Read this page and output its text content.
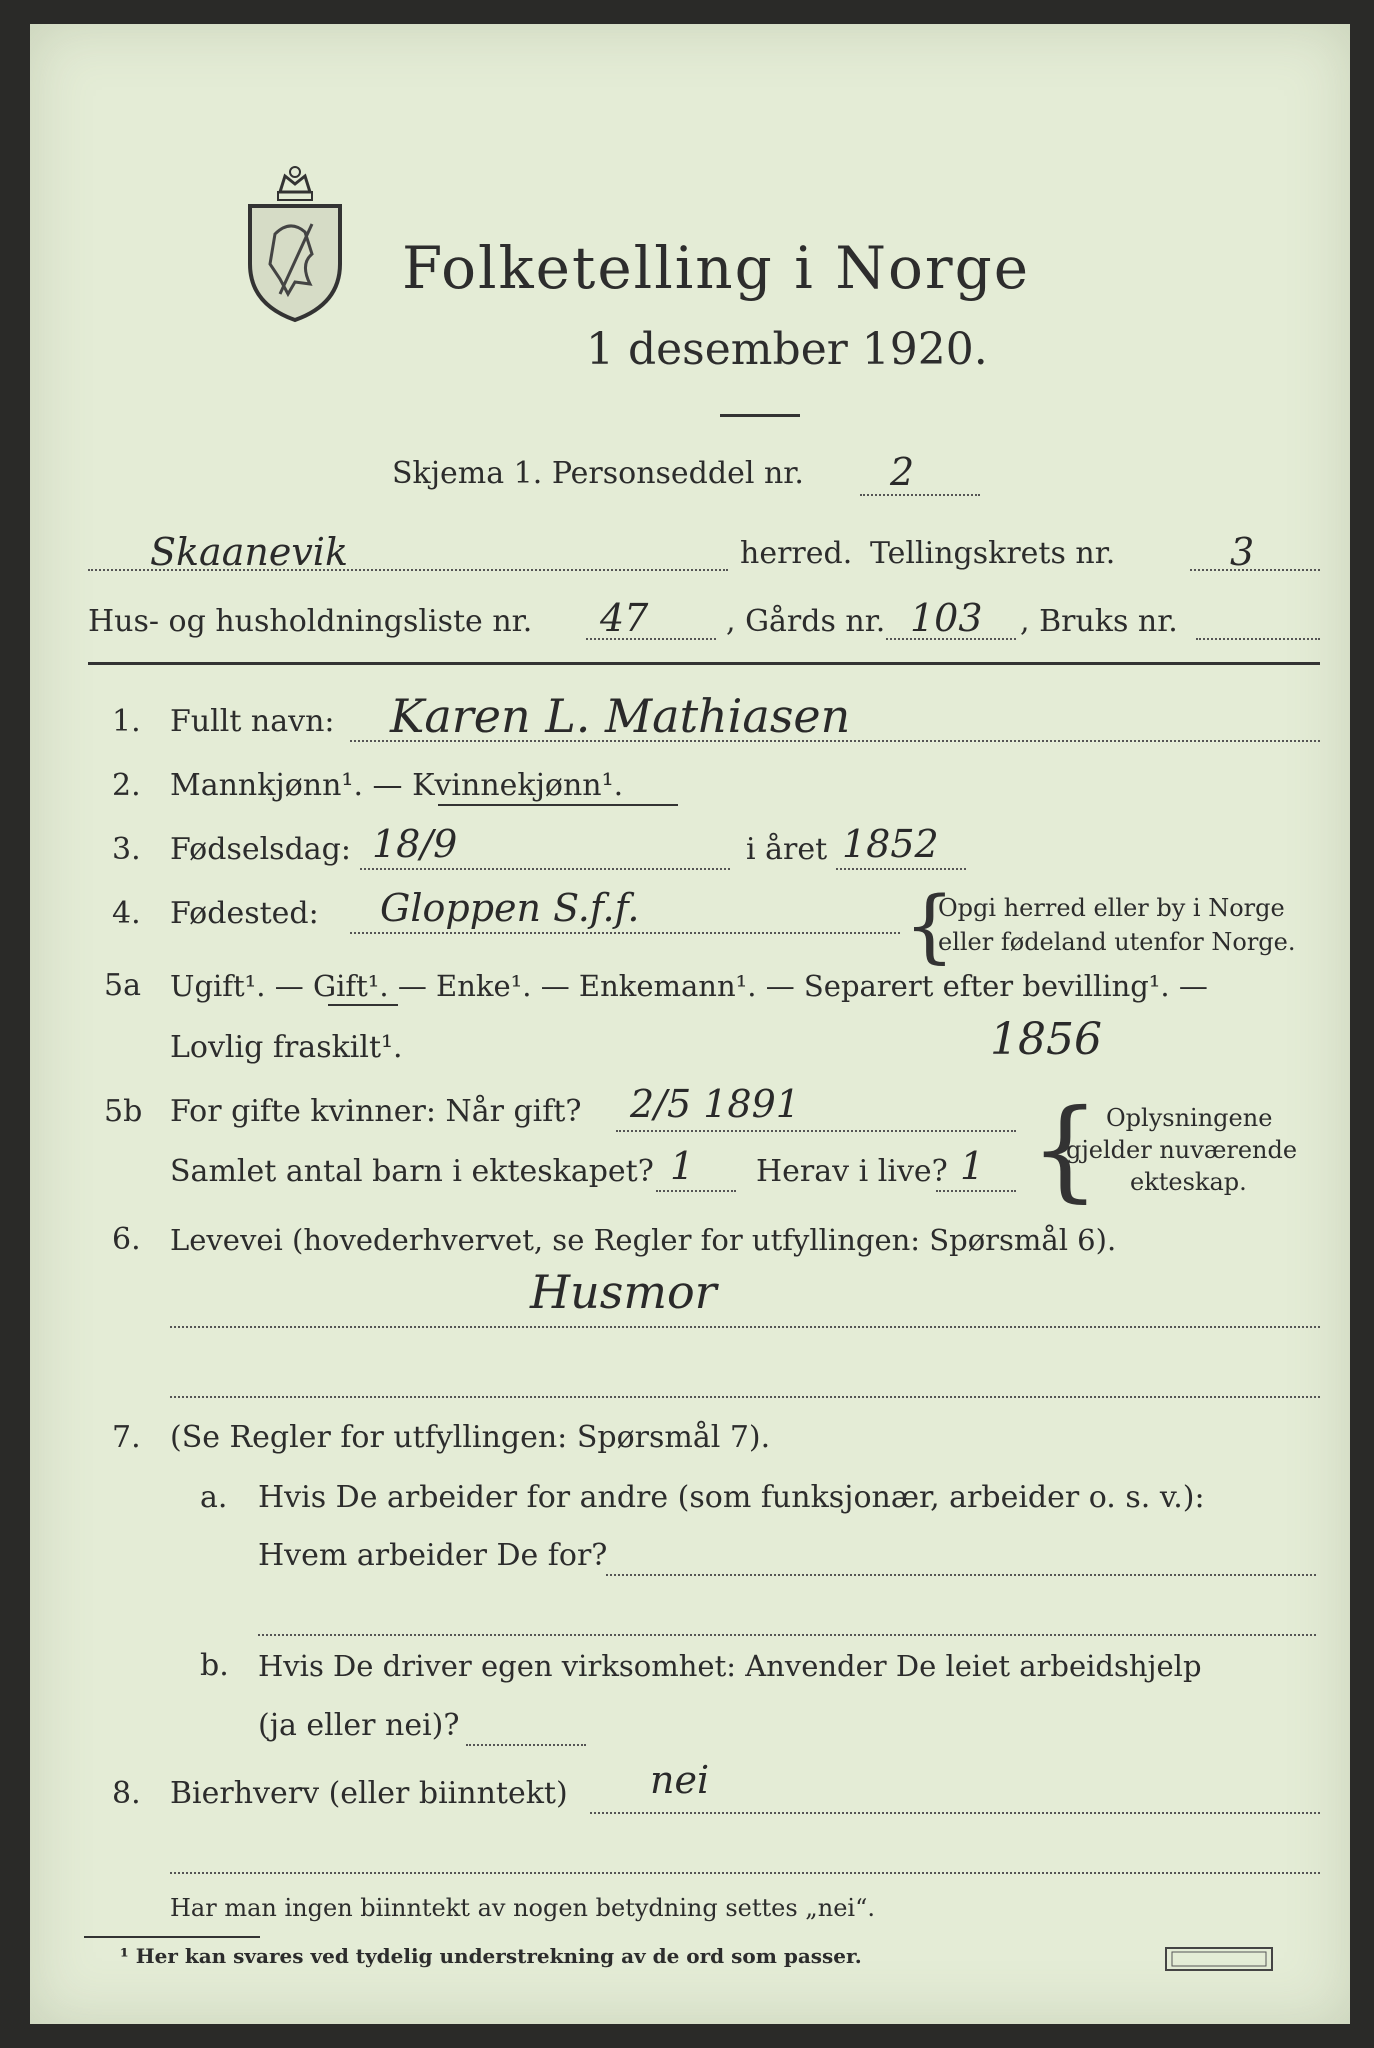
Folketelling i Norge
1 desember 1920.
Skjema 1. Personseddel nr. 2
Skaanevik	herred. Tellingskrets nr.	3
Hus- og husholdningsliste nr. 47	, Gårds nr. 103 , Bruks nr.
1. Fullt navn: Karen L. Mathiasen
2. Mannkjønn¹. — Kvinnekjønn¹.
3. Fødselsdag: 18/9	i året 1852
4. Fødested: Gloppen S.f.f.	{
Opgi herred eller by i Norge
eller fødeland utenfor Norge.
5a Ugift¹. — Gift¹. — Enke¹. — Enkemann¹. — Separert efter bevilling¹. —
Lovlig fraskilt¹.	1856
5b For gifte kvinner: Når gift? 2/5 1891
Samlet antal barn i ekteskapet? 1 Herav i live? 1 { Oplysningene
gjelder nuværende
ekteskap.
6. Levevei (hovederhvervet, se Regler for utfyllingen: Spørsmål 6).
Husmor
7. (Se Regler for utfyllingen: Spørsmål 7).
a. Hvis De arbeider for andre (som funksjonær, arbeider o. s. v.):
Hvem arbeider De for?
b. Hvis De driver egen virksomhet: Anvender De leiet arbeidshjelp
(ja eller nei)?
8. Bierhverv (eller biinntekt) nei
Har man ingen biinntekt av nogen betydning settes „nei“.
¹ Her kan svares ved tydelig understrekning av de ord som passer.
